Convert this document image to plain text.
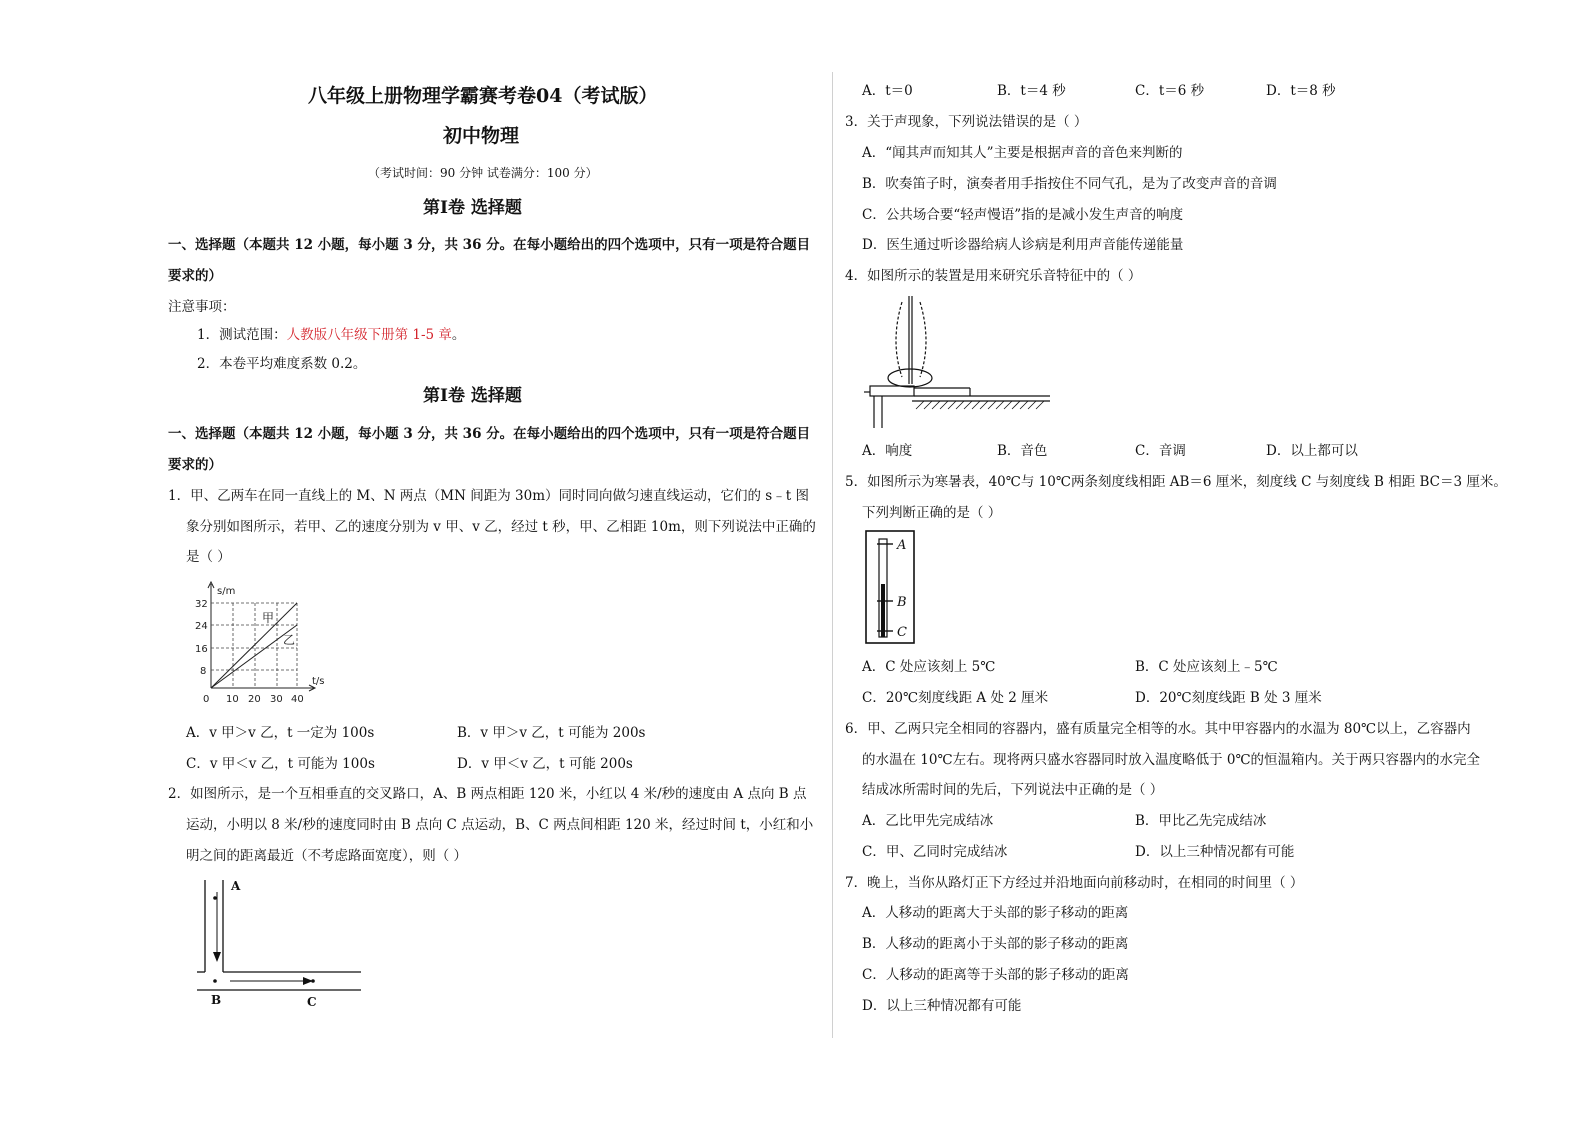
八年级上册物理学霸赛考卷04（考试版）
初中物理
（考试时间：90 分钟 试卷满分：100 分）
第Ⅰ卷 选择题
一、选择题（本题共 12 小题，每小题 3 分，共 36 分。在每小题给出的四个选项中，只有一项是符合题目
要求的）
注意事项：
1．测试范围：人教版八年级下册第 1-5 章。
2．本卷平均难度系数 0.2。
第Ⅰ卷 选择题
一、选择题（本题共 12 小题，每小题 3 分，共 36 分。在每小题给出的四个选项中，只有一项是符合题目
要求的）
1．甲、乙两车在同一直线上的 M、N 两点（MN 间距为 30m）同时同向做匀速直线运动，它们的 s﹣t 图
象分别如图所示，若甲、乙的速度分别为 v 甲、v 乙，经过 t 秒，甲、乙相距 10m，则下列说法中正确的
是（ ）
s/m
t/s
32
24
16
8
0 10 20 30 40
甲
乙
A．v 甲＞v 乙，t 一定为 100s	B．v 甲＞v 乙，t 可能为 200s
C．v 甲＜v 乙，t 可能为 100s	D．v 甲＜v 乙，t 可能 200s
2．如图所示，是一个互相垂直的交叉路口，A、B 两点相距 120 米，小红以 4 米/秒的速度由 A 点向 B 点
运动，小明以 8 米/秒的速度同时由 B 点向 C 点运动，B、C 两点间相距 120 米，经过时间 t，小红和小
明之间的距离最近（不考虑路面宽度），则（ ）
A
B	C
A．t＝0	B．t＝4 秒	C．t＝6 秒	D．t＝8 秒
3．关于声现象，下列说法错误的是（ ）
A．“闻其声而知其人”主要是根据声音的音色来判断的
B．吹奏笛子时，演奏者用手指按住不同气孔，是为了改变声音的音调
C．公共场合要“轻声慢语”指的是减小发生声音的响度
D．医生通过听诊器给病人诊病是利用声音能传递能量
4．如图所示的装置是用来研究乐音特征中的（ ）
A．响度	B．音色	C．音调	D．以上都可以
5．如图所示为寒暑表，40℃与 10℃两条刻度线相距 AB＝6 厘米，刻度线 C 与刻度线 B 相距 BC＝3 厘米。
下列判断正确的是（ ）
A
B
C
A．C 处应该刻上 5℃	B．C 处应该刻上﹣5℃
C．20℃刻度线距 A 处 2 厘米	D．20℃刻度线距 B 处 3 厘米
6．甲、乙两只完全相同的容器内，盛有质量完全相等的水。其中甲容器内的水温为 80℃以上，乙容器内
的水温在 10℃左右。现将两只盛水容器同时放入温度略低于 0℃的恒温箱内。关于两只容器内的水完全
结成冰所需时间的先后，下列说法中正确的是（ ）
A．乙比甲先完成结冰	B．甲比乙先完成结冰
C．甲、乙同时完成结冰	D．以上三种情况都有可能
7．晚上，当你从路灯正下方经过并沿地面向前移动时，在相同的时间里（ ）
A．人移动的距离大于头部的影子移动的距离
B．人移动的距离小于头部的影子移动的距离
C．人移动的距离等于头部的影子移动的距离
D．以上三种情况都有可能
